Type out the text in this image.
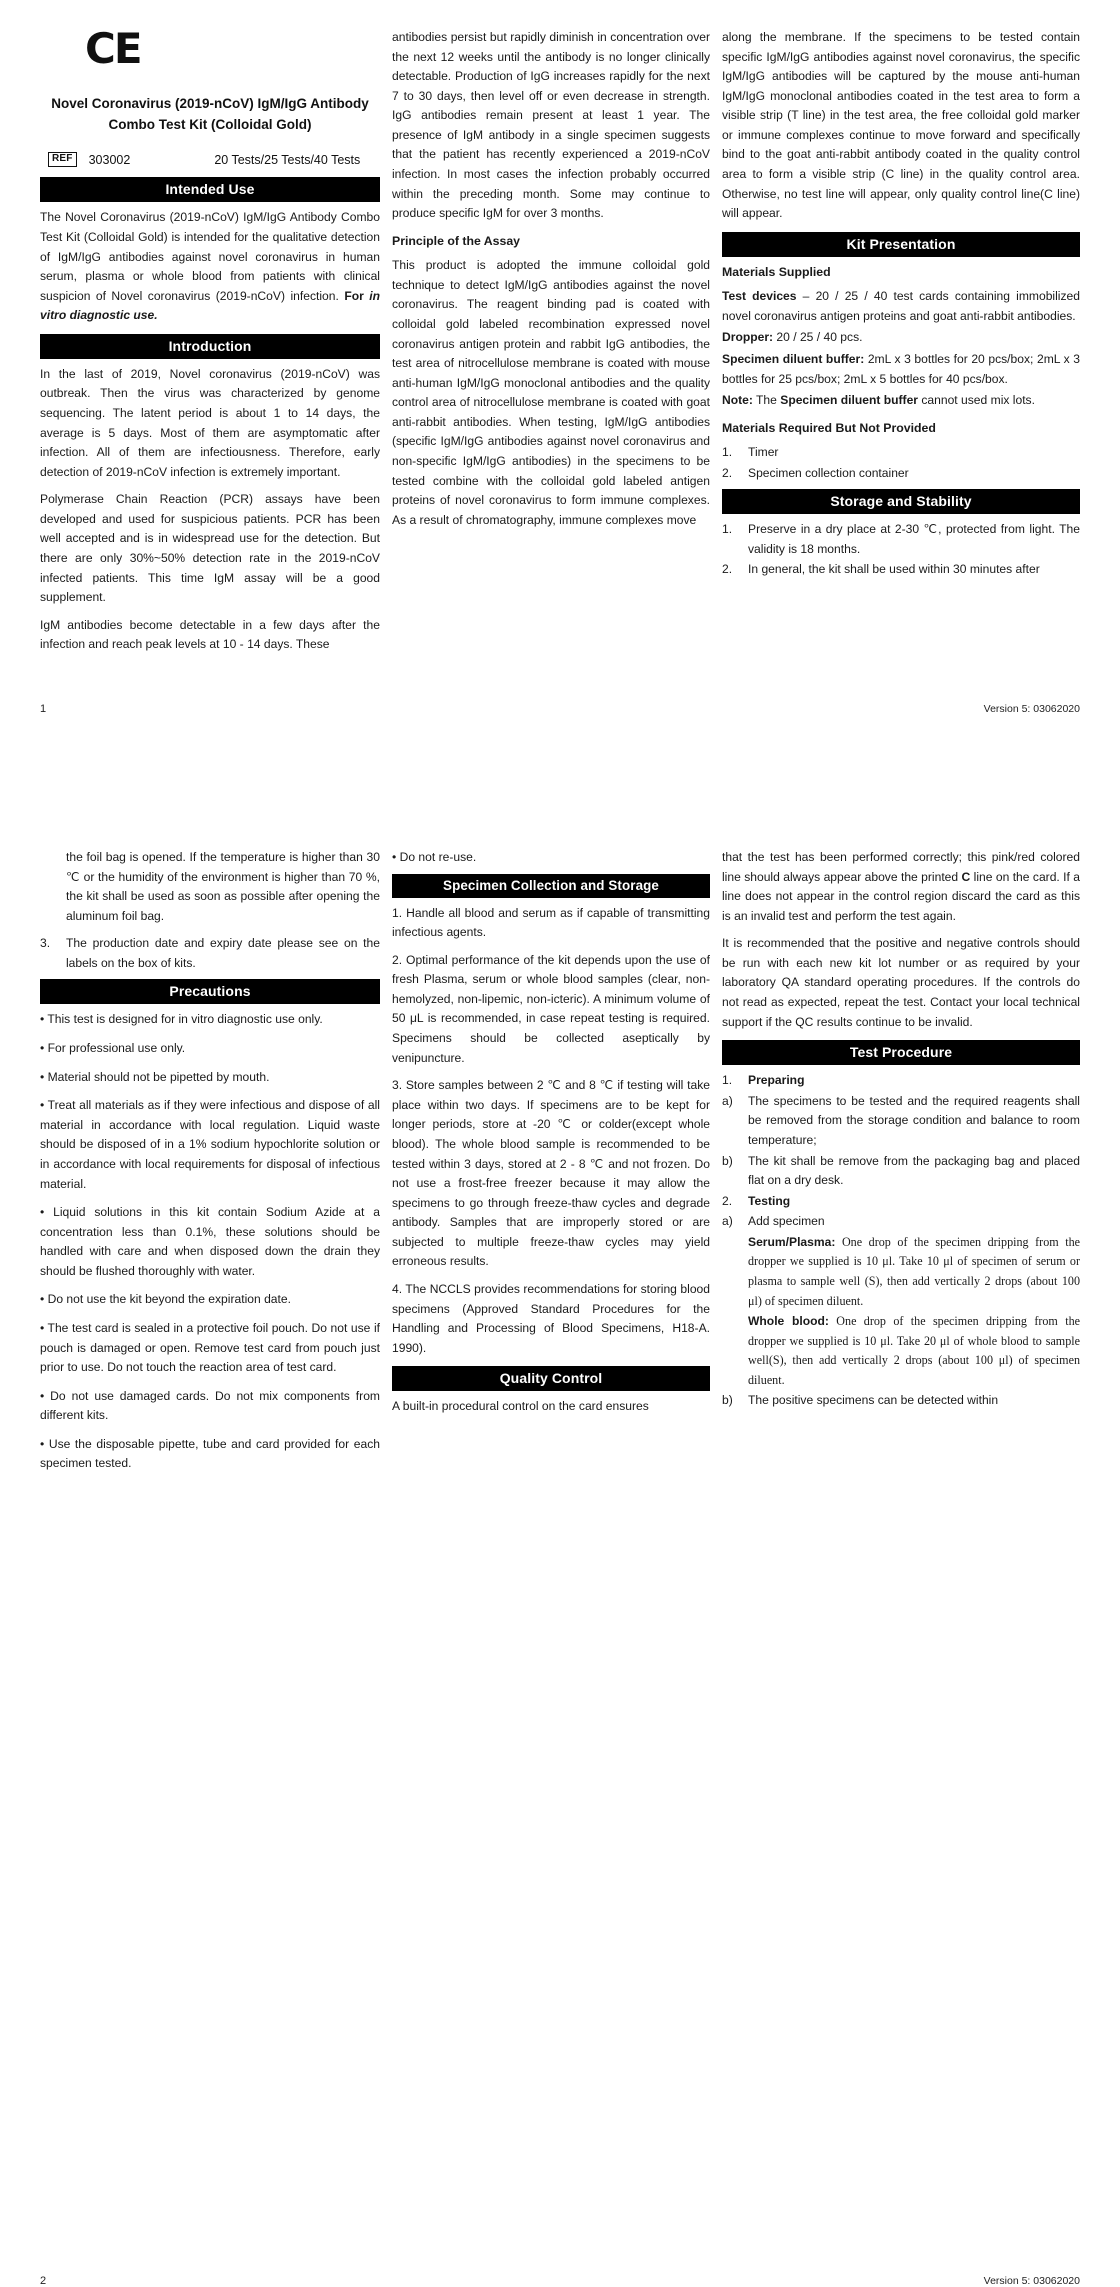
CE
Novel Coronavirus (2019-nCoV) IgM/IgG Antibody Combo Test Kit (Colloidal Gold)
REF	303002	20 Tests/25 Tests/40 Tests
Intended Use

The Novel Coronavirus (2019-nCoV) IgM/IgG Antibody Combo Test Kit (Colloidal Gold) is intended for the qualitative detection of IgM/IgG antibodies against novel coronavirus in human serum, plasma or whole blood from patients with clinical suspicion of Novel coronavirus (2019-nCoV) infection. For in vitro diagnostic use.

Introduction

In the last of 2019, Novel coronavirus (2019-nCoV) was outbreak. Then the virus was characterized by genome sequencing. The latent period is about 1 to 14 days, the average is 5 days. Most of them are asymptomatic after infection. All of them are infectiousness. Therefore, early detection of 2019-nCoV infection is extremely important.

Polymerase Chain Reaction (PCR) assays have been developed and used for suspicious patients. PCR has been well accepted and is in widespread use for the detection. But there are only 30%~50% detection rate in the 2019-nCoV infected patients. This time IgM assay will be a good supplement.

IgM antibodies become detectable in a few days after the infection and reach peak levels at 10 - 14 days. These

antibodies persist but rapidly diminish in concentration over the next 12 weeks until the antibody is no longer clinically detectable. Production of IgG increases rapidly for the next 7 to 30 days, then level off or even decrease in strength. IgG antibodies remain present at least 1 year. The presence of IgM antibody in a single specimen suggests that the patient has recently experienced a 2019-nCoV infection. In most cases the infection probably occurred within the preceding month. Some may continue to produce specific IgM for over 3 months.

Principle of the Assay

This product is adopted the immune colloidal gold technique to detect IgM/IgG antibodies against the novel coronavirus. The reagent binding pad is coated with colloidal gold labeled recombination expressed novel coronavirus antigen protein and rabbit IgG antibodies, the test area of nitrocellulose membrane is coated with mouse anti-human IgM/IgG monoclonal antibodies and the quality control area of nitrocellulose membrane is coated with goat anti-rabbit antibodies. When testing, IgM/IgG antibodies (specific IgM/IgG antibodies against novel coronavirus and non-specific IgM/IgG antibodies) in the specimens to be tested combine with the colloidal gold labeled antigen proteins of novel coronavirus to form immune complexes. As a result of chromatography, immune complexes move

along the membrane. If the specimens to be tested contain specific IgM/IgG antibodies against novel coronavirus, the specific IgM/IgG antibodies will be captured by the mouse anti-human IgM/IgG monoclonal antibodies coated in the test area to form a visible strip (T line) in the test area, the free colloidal gold marker or immune complexes continue to move forward and specifically bind to the goat anti-rabbit antibody coated in the quality control area to form a visible strip (C line) in the quality control area. Otherwise, no test line will appear, only quality control line(C line) will appear.

Kit Presentation

Materials Supplied

Test devices – 20 / 25 / 40 test cards containing immobilized novel coronavirus antigen proteins and goat anti-rabbit antibodies.

Dropper: 20 / 25 / 40 pcs.

Specimen diluent buffer: 2mL x 3 bottles for 20 pcs/box; 2mL x 3 bottles for 25 pcs/box; 2mL x 5 bottles for 40 pcs/box.

Note: The Specimen diluent buffer cannot used mix lots.

Materials Required But Not Provided

1.	Timer
2.	Specimen collection container
Storage and Stability
1.	Preserve in a dry place at 2-30 ℃, protected from light. The validity is 18 months.
2.	In general, the kit shall be used within 30 minutes after
1	Version 5: 03062020

the foil bag is opened. If the temperature is higher than 30 ℃ or the humidity of the environment is higher than 70 %, the kit shall be used as soon as possible after opening the aluminum foil bag.

3.	The production date and expiry date please see on the labels on the box of kits.
Precautions

• This test is designed for in vitro diagnostic use only.

• For professional use only.

• Material should not be pipetted by mouth.

• Treat all materials as if they were infectious and dispose of all material in accordance with local regulation. Liquid waste should be disposed of in a 1% sodium hypochlorite solution or in accordance with local requirements for disposal of infectious material.

• Liquid solutions in this kit contain Sodium Azide at a concentration less than 0.1%, these solutions should be handled with care and when disposed down the drain they should be flushed thoroughly with water.

• Do not use the kit beyond the expiration date.

• The test card is sealed in a protective foil pouch. Do not use if pouch is damaged or open. Remove test card from pouch just prior to use. Do not touch the reaction area of test card.

• Do not use damaged cards. Do not mix components from different kits.

• Use the disposable pipette, tube and card provided for each specimen tested.

• Do not re-use.

Specimen Collection and Storage

1. Handle all blood and serum as if capable of transmitting infectious agents.

2. Optimal performance of the kit depends upon the use of fresh Plasma, serum or whole blood samples (clear, non-hemolyzed, non-lipemic, non-icteric). A minimum volume of 50 μL is recommended, in case repeat testing is required. Specimens should be collected aseptically by venipuncture.

3. Store samples between 2 ℃ and 8 ℃ if testing will take place within two days. If specimens are to be kept for longer periods, store at -20 ℃ or colder(except whole blood). The whole blood sample is recommended to be tested within 3 days, stored at 2 - 8 ℃ and not frozen. Do not use a frost-free freezer because it may allow the specimens to go through freeze-thaw cycles and degrade antibody. Samples that are improperly stored or are subjected to multiple freeze-thaw cycles may yield erroneous results.

4. The NCCLS provides recommendations for storing blood specimens (Approved Standard Procedures for the Handling and Processing of Blood Specimens, H18-A. 1990).

Quality Control

A built-in procedural control on the card ensures

that the test has been performed correctly; this pink/red colored line should always appear above the printed C line on the card. If a line does not appear in the control region discard the card as this is an invalid test and perform the test again.

It is recommended that the positive and negative controls should be run with each new kit lot number or as required by your laboratory QA standard operating procedures. If the controls do not read as expected, repeat the test. Contact your local technical support if the QC results continue to be invalid.

Test Procedure
1.	Preparing
a)	The specimens to be tested and the required reagents shall be removed from the storage condition and balance to room temperature;
b)	The kit shall be remove from the packaging bag and placed flat on a dry desk.
2.	Testing
a)	Add specimen
Serum/Plasma: One drop of the specimen dripping from the dropper we supplied is 10 μl. Take 10 μl of specimen of serum or plasma to sample well (S), then add vertically 2 drops (about 100 μl) of specimen diluent.
Whole blood: One drop of the specimen dripping from the dropper we supplied is 10 μl. Take 20 μl of whole blood to sample well(S), then add vertically 2 drops (about 100 μl) of specimen diluent.
b)	The positive specimens can be detected within
2	Version 5: 03062020
